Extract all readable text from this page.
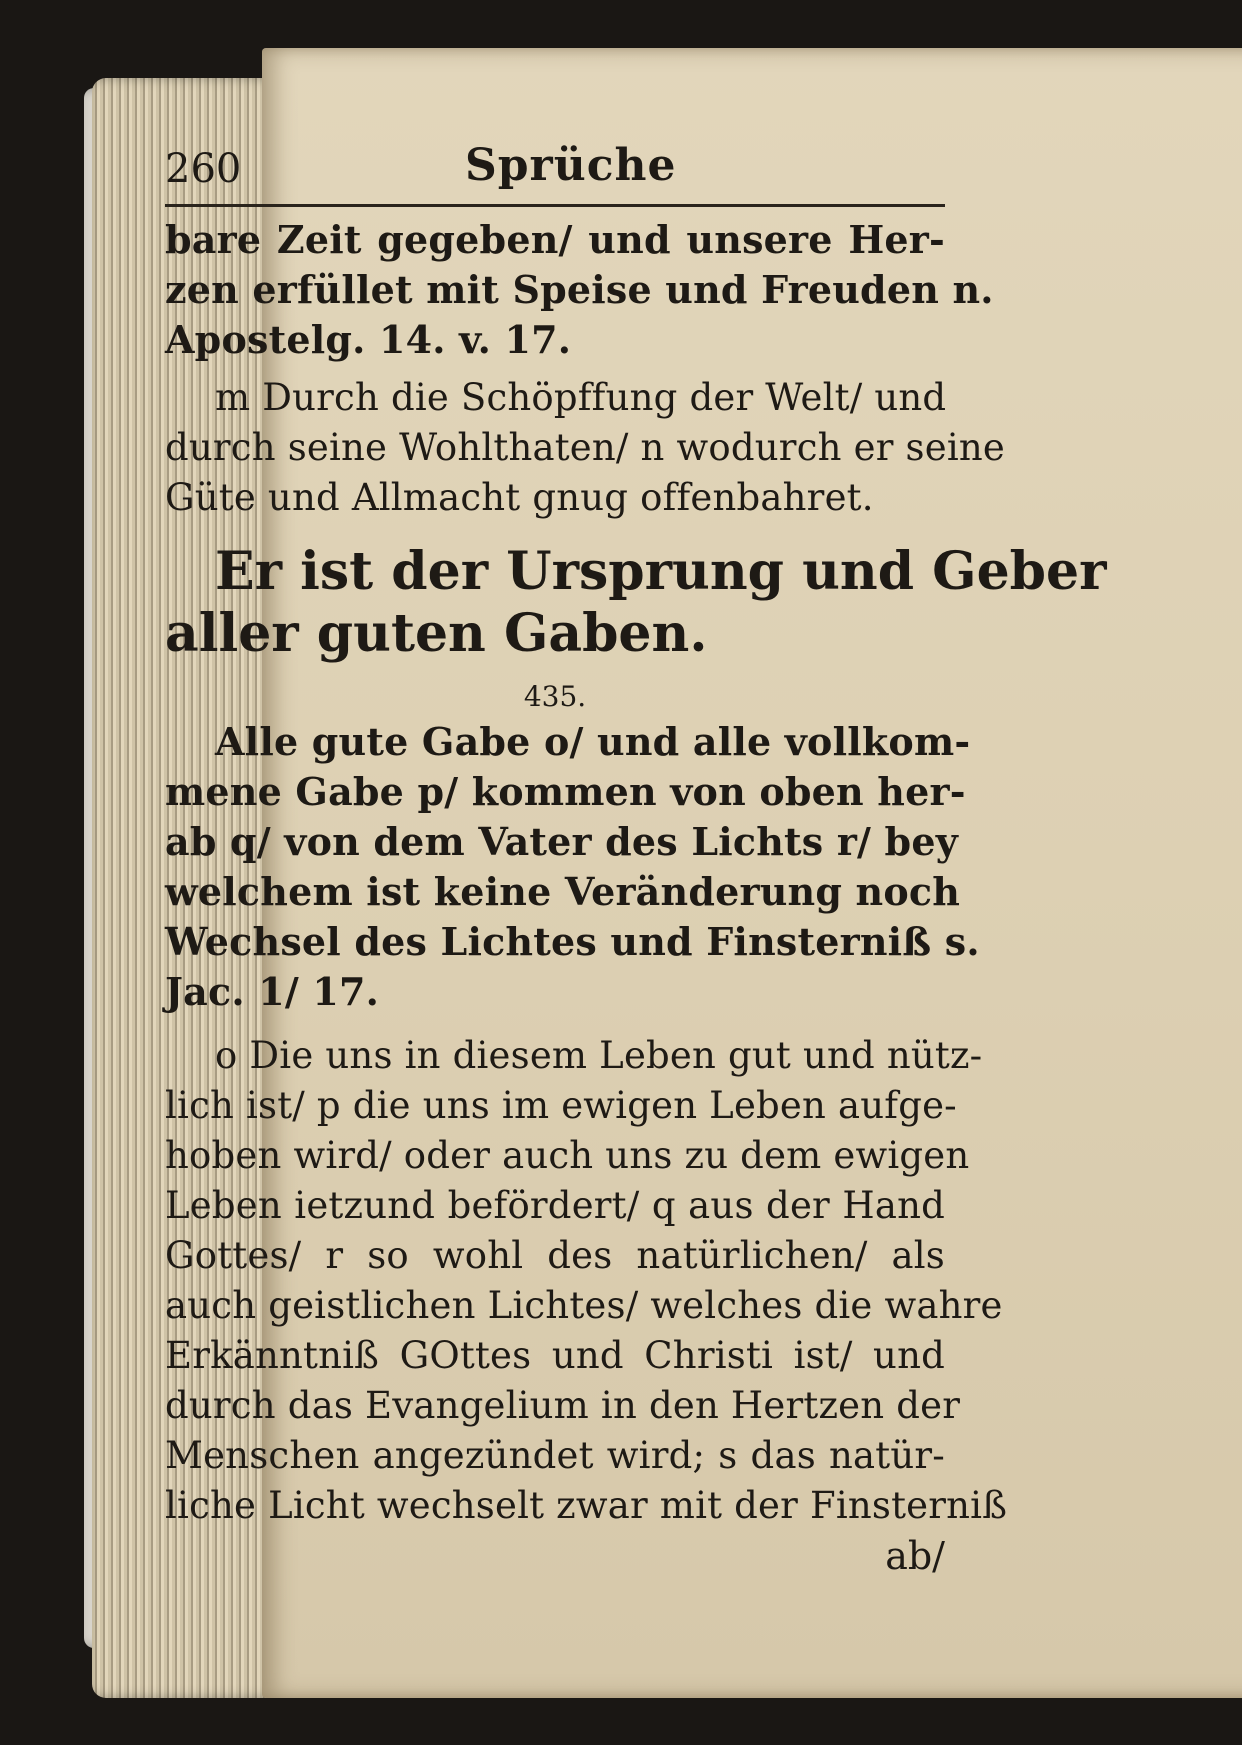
260	Sprüche
bare Zeit gegeben/ und unsere Her-
zen erfüllet mit Speise und Freuden n.
Apostelg. 14. v. 17.
m Durch die Schöpffung der Welt/ und
durch seine Wohlthaten/ n wodurch er seine
Güte und Allmacht gnug offenbahret.
Er ist der Ursprung und Geber
aller guten Gaben.
435.
Alle gute Gabe o/ und alle vollkom-
mene Gabe p/ kommen von oben her-
ab q/ von dem Vater des Lichts r/ bey
welchem ist keine Veränderung noch
Wechsel des Lichtes und Finsterniß s.
Jac. 1/ 17.
o Die uns in diesem Leben gut und nütz-
lich ist/ p die uns im ewigen Leben aufge-
hoben wird/ oder auch uns zu dem ewigen
Leben ietzund befördert/ q aus der Hand
Gottes/ r so wohl des natürlichen/ als
auch geistlichen Lichtes/ welches die wahre
Erkänntniß GOttes und Christi ist/ und
durch das Evangelium in den Hertzen der
Menschen angezündet wird; s das natür-
liche Licht wechselt zwar mit der Finsterniß
ab/
